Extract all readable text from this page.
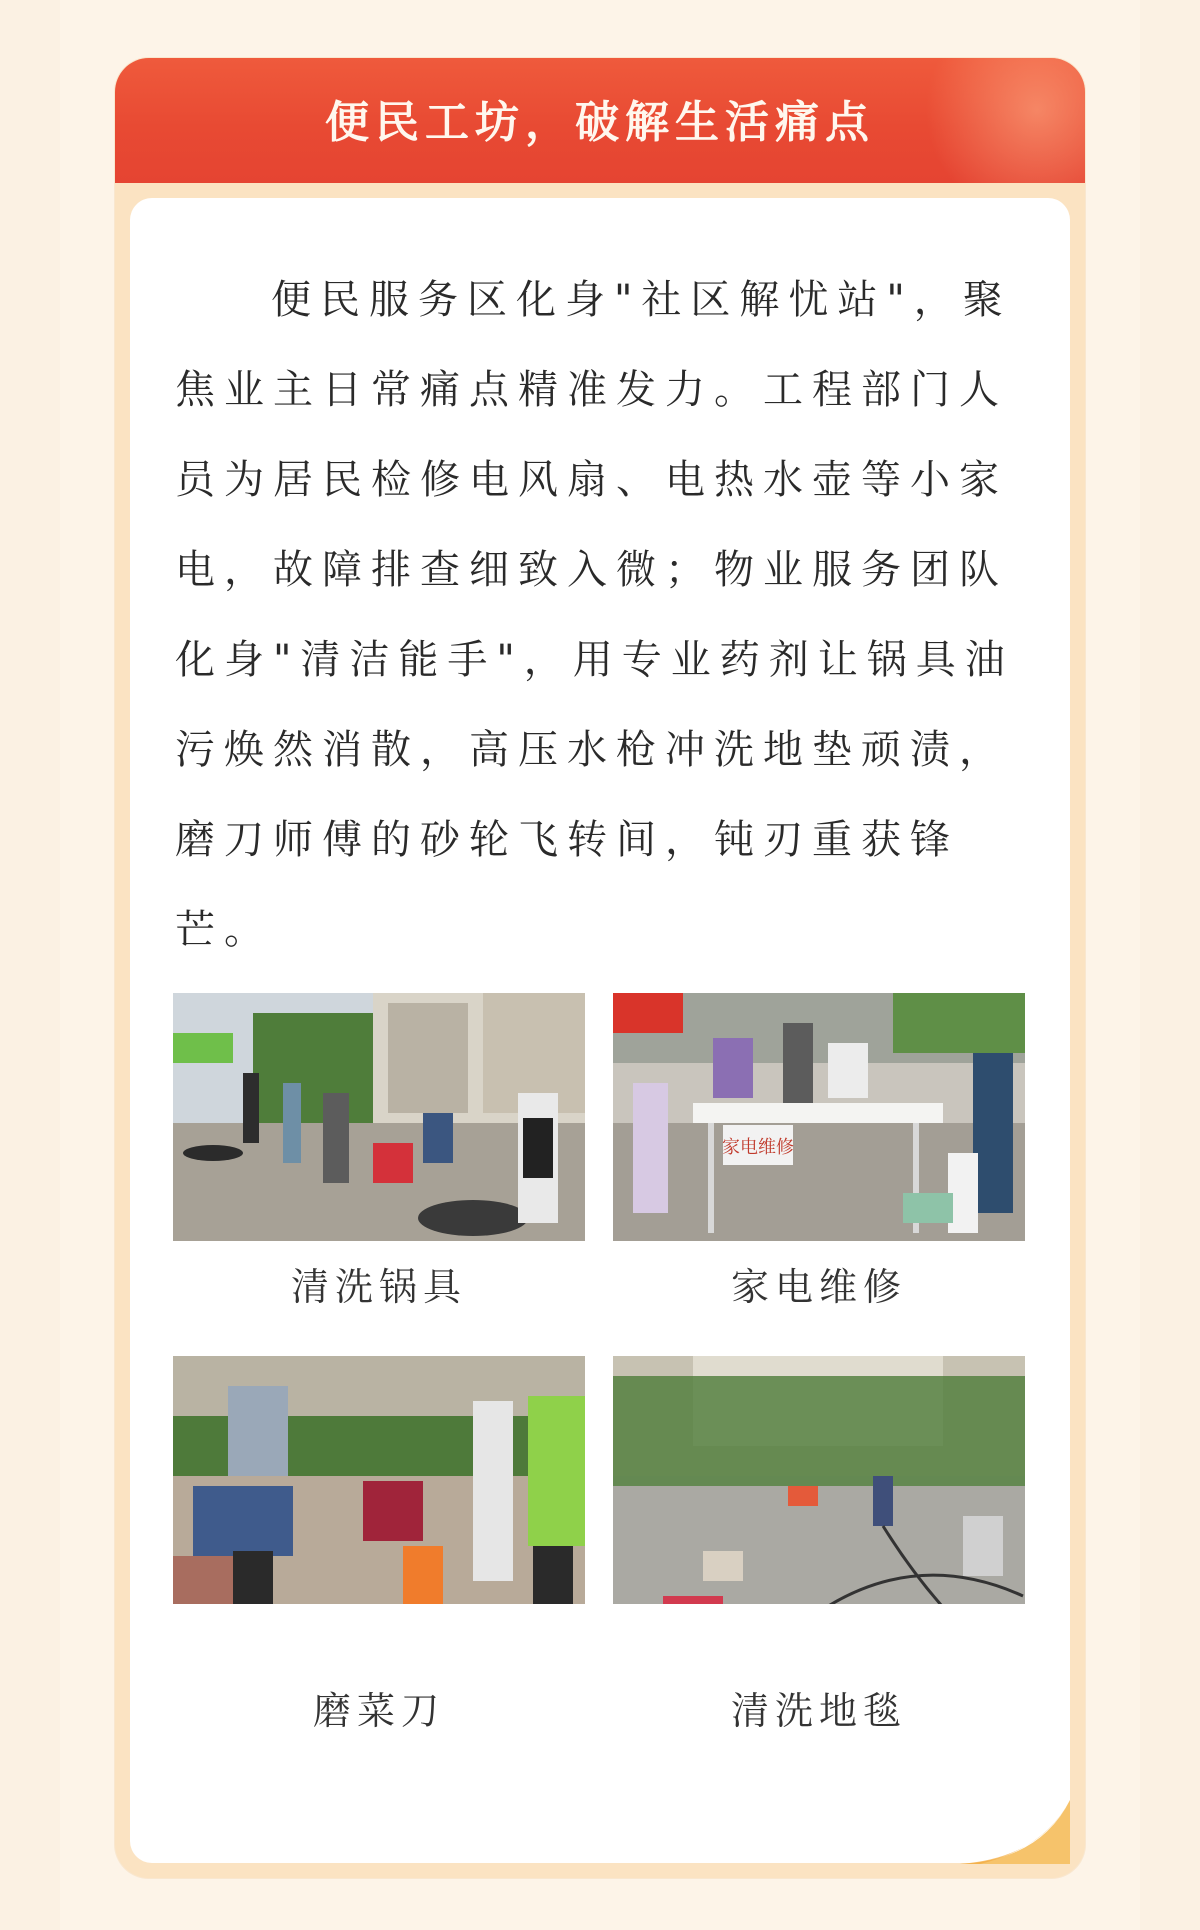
便民工坊，破解生活痛点

便民服务区化身"社区解忧站"，聚焦业主日常痛点精准发力。工程部门人员为居民检修电风扇、电热水壶等小家电，故障排查细致入微；物业服务团队化身"清洁能手"，用专业药剂让锅具油污焕然消散，高压水枪冲洗地垫顽渍，磨刀师傅的砂轮飞转间，钝刃重获锋芒。

清洗锅具
家电维修
家电维修
磨菜刀	清洗地毯
